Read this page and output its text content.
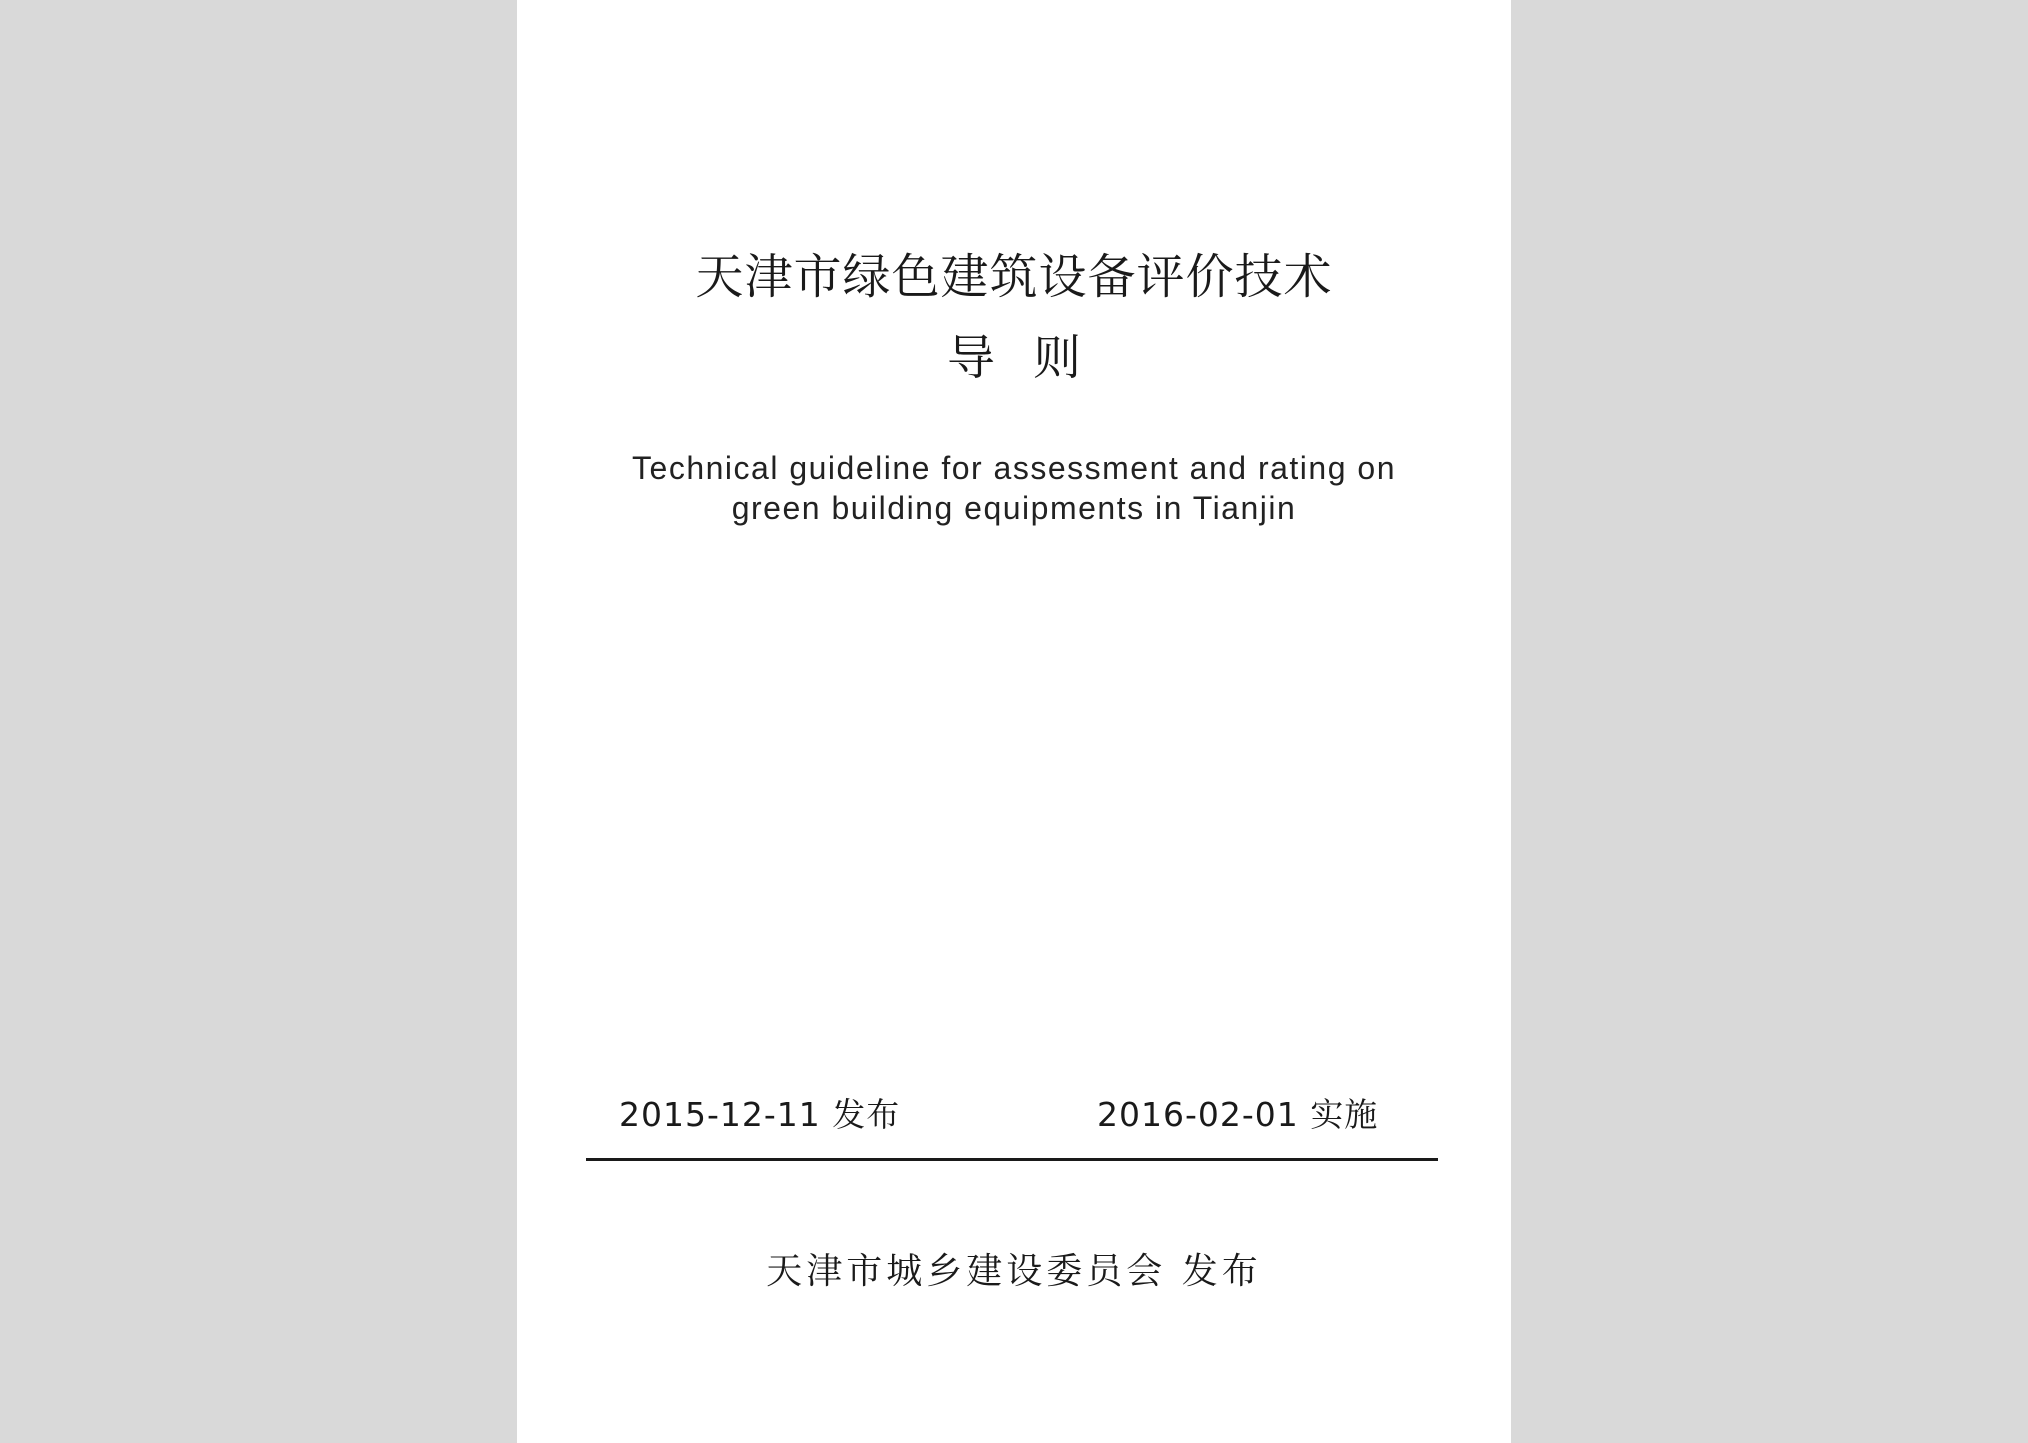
天津市绿色建筑设备评价技术
导则
Technical guideline for assessment and rating on
green building equipments in Tianjin
2015-12-11 发布	2016-02-01 实施
天津市城乡建设委员会 发布
